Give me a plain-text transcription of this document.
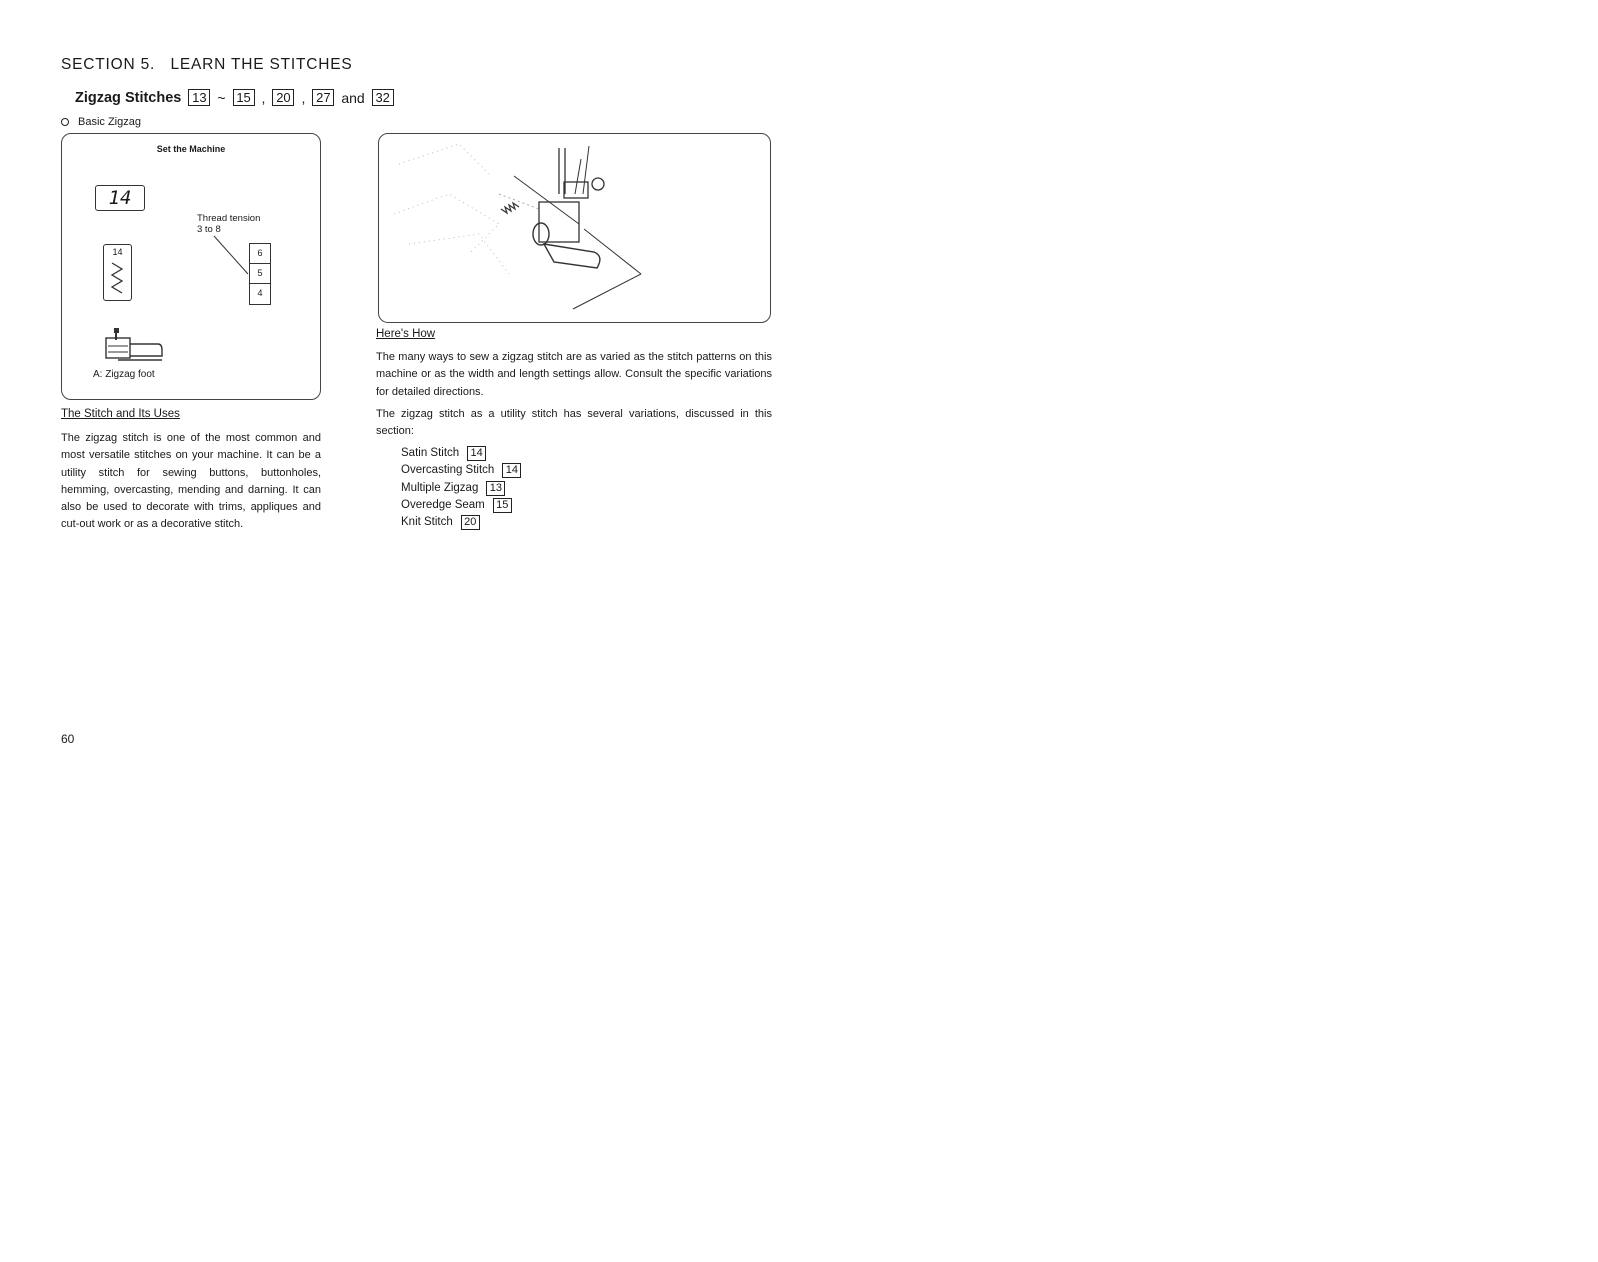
SECTION 5.   LEARN THE STITCHES
Zigzag Stitches 13 ~ 15 , 20 , 27 and 32
Basic Zigzag
Set the Machine
14
Thread tension
3 to 8
14	6
5
4
A: Zigzag foot
Here's How
The many ways to sew a zigzag stitch are as varied as the stitch patterns on this machine or as the width and length settings allow. Consult the specific variations for detailed directions.
The zigzag stitch as a utility stitch has several variations, discussed in this section:
Satin Stitch	14
Overcasting Stitch	14
Multiple Zigzag	13
Overedge Seam	15
Knit Stitch	20
The Stitch and Its Uses
The zigzag stitch is one of the most common and most versatile stitches on your machine. It can be a utility stitch for sewing buttons, buttonholes, hemming, overcasting, mending and darning. It can also be used to decorate with trims, appliques and cut-out work or as a decorative stitch.
60
